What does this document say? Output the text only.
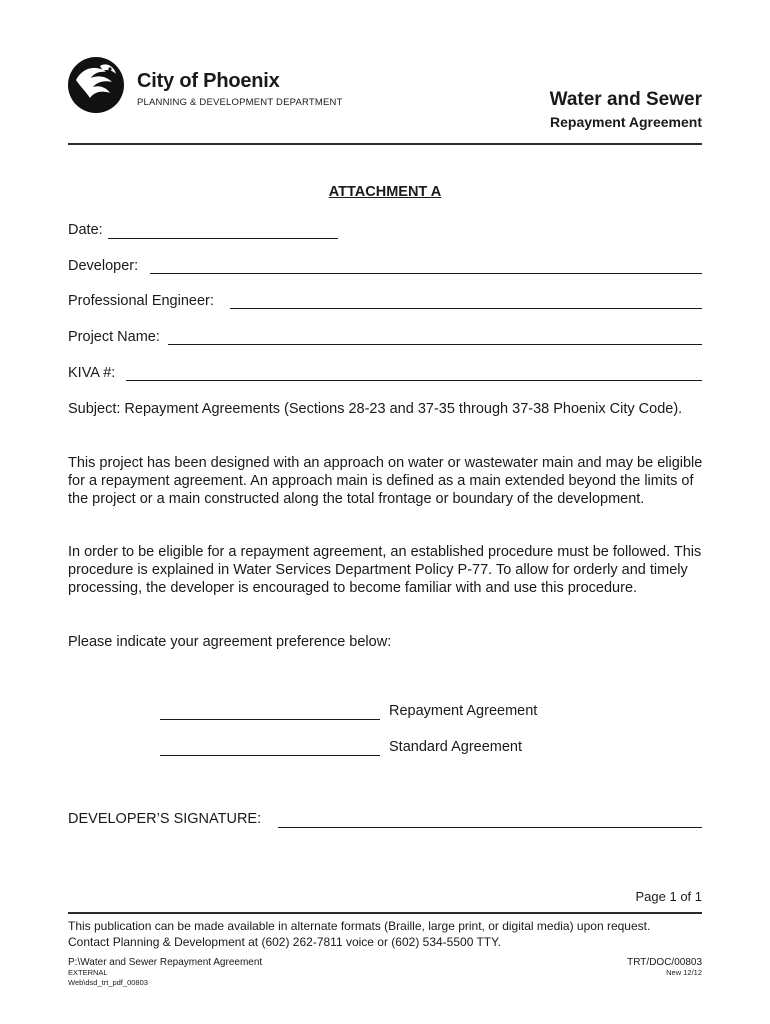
City of Phoenix
PLANNING & DEVELOPMENT DEPARTMENT	Water and Sewer
Repayment Agreement
ATTACHMENT A
Date:
Developer:
Professional Engineer:
Project Name:
KIVA #:
Subject: Repayment Agreements (Sections 28-23 and 37-35 through 37-38 Phoenix City Code).
This project has been designed with an approach on water or wastewater main and may be eligible for a repayment agreement. An approach main is defined as a main extended beyond the limits of the project or a main constructed along the total frontage or boundary of the development.
In order to be eligible for a repayment agreement, an established procedure must be followed. This procedure is explained in Water Services Department Policy P-77. To allow for orderly and timely processing, the developer is encouraged to become familiar with and use this procedure.
Please indicate your agreement preference below:
Repayment Agreement
Standard Agreement
DEVELOPER’S SIGNATURE:
Page 1 of 1
This publication can be made available in alternate formats (Braille, large print, or digital media) upon request.
Contact Planning & Development at (602) 262-7811 voice or (602) 534-5500 TTY.
P:\Water and Sewer Repayment Agreement
EXTERNAL
Web\dsd_trt_pdf_00803
TRT/DOC/00803
New 12/12
